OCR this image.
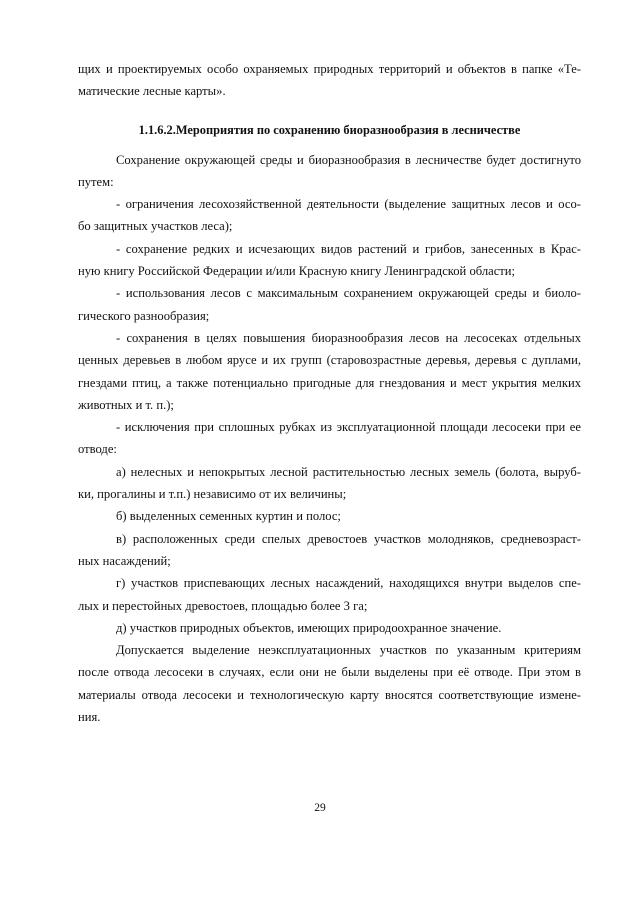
щих и проектируемых особо охраняемых природных территорий и объектов в папке «Те-

матические лесные карты».

1.1.6.2.Мероприятия по сохранению биоразнообразия в лесничестве

Сохранение окружающей среды и биоразнообразия в лесничестве будет достигнуто

путем:

- ограничения лесохозяйственной деятельности (выделение защитных лесов и осо-

бо защитных участков леса);

- сохранение редких и исчезающих видов растений и грибов, занесенных в Крас-

ную книгу Российской Федерации и/или Красную книгу Ленинградской области;

- использования лесов с максимальным сохранением окружающей среды и биоло-

гического разнообразия;

- сохранения в целях повышения биоразнообразия лесов на лесосеках отдельных

ценных деревьев в любом ярусе и их групп (старовозрастные деревья, деревья с дуплами,

гнездами птиц, а также потенциально пригодные для гнездования и мест укрытия мелких

животных и т. п.);

- исключения при сплошных рубках из эксплуатационной площади лесосеки при ее

отводе:

а) нелесных и непокрытых лесной растительностью лесных земель (болота, выруб-

ки, прогалины и т.п.) независимо от их величины;

б) выделенных семенных куртин и полос;

в) расположенных среди спелых древостоев участков молодняков, средневозраст-

ных насаждений;

г) участков приспевающих лесных насаждений, находящихся внутри выделов спе-

лых и перестойных древостоев, площадью более 3 га;

д) участков природных объектов, имеющих природоохранное значение.

Допускается выделение неэксплуатационных участков по указанным критериям

после отвода лесосеки в случаях, если они не были выделены при её отводе. При этом в

материалы отвода лесосеки и технологическую карту вносятся соответствующие измене-

ния.

29
